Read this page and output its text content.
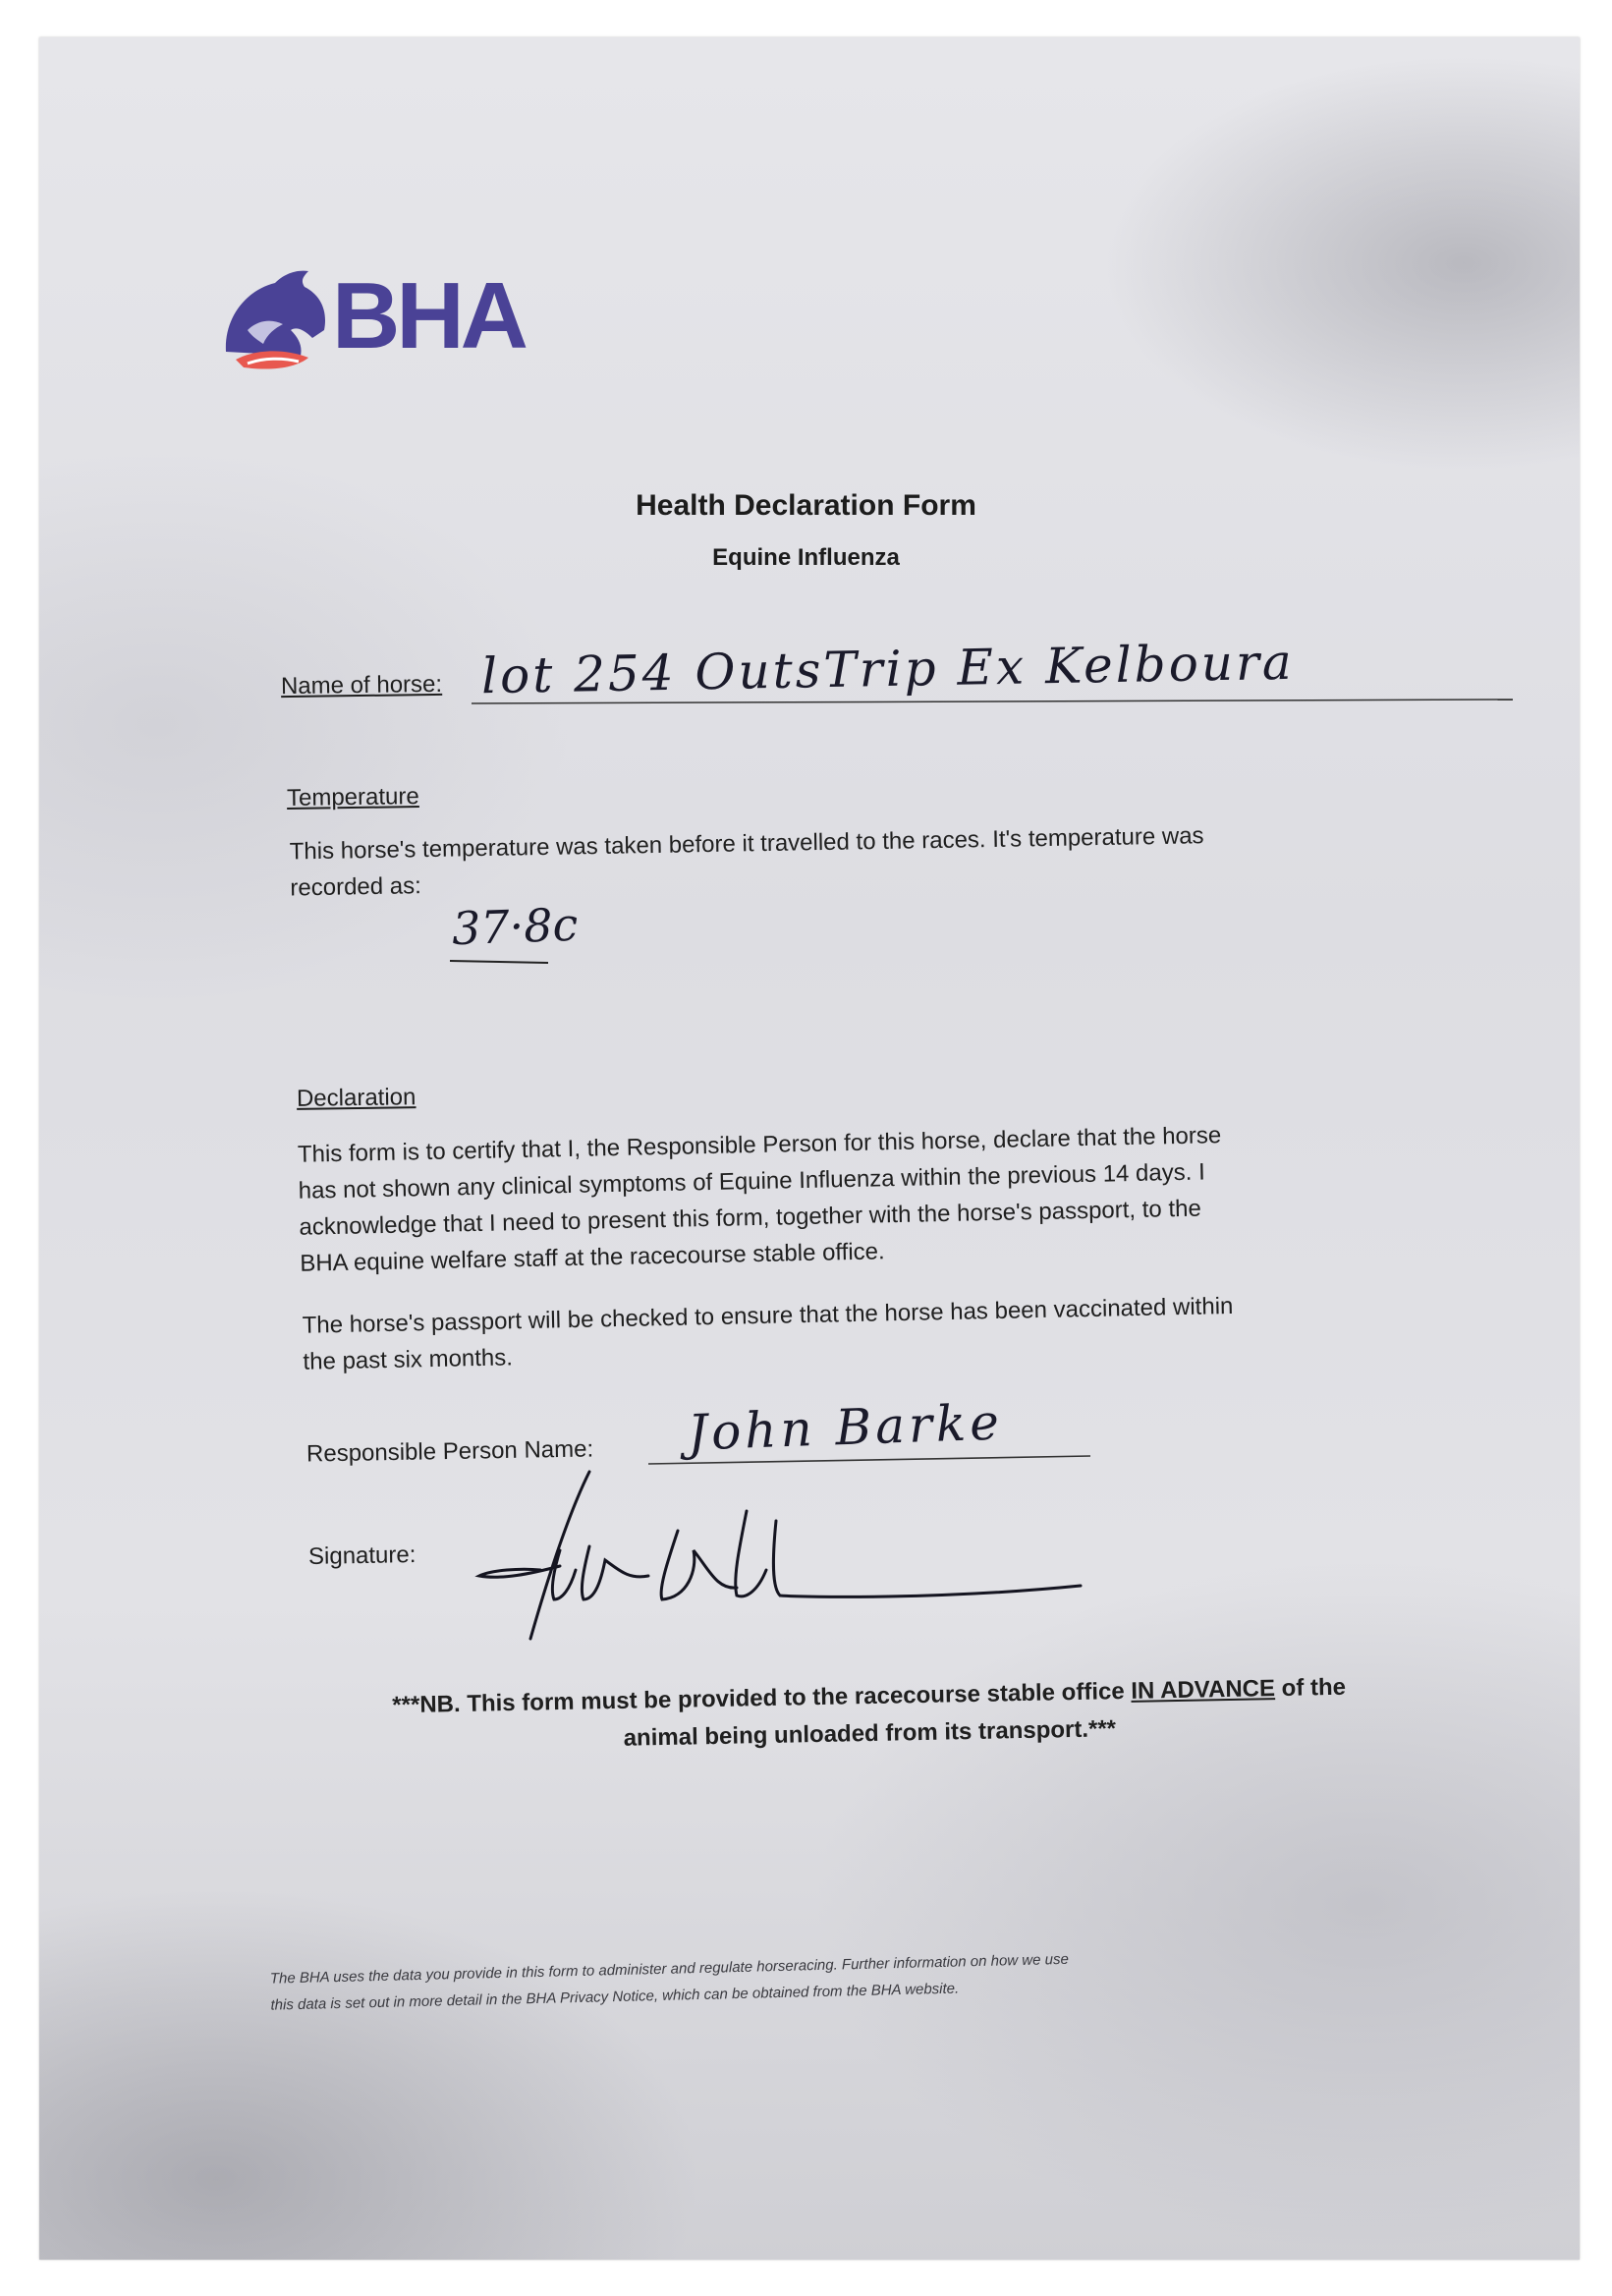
BHA
Health Declaration Form
Equine Influenza
Name of horse: lot 254 OutsTrip Ex Kelboura
Temperature
This horse's temperature was taken before it travelled to the races. It's temperature was
recorded as:
37·8c
Declaration
This form is to certify that I, the Responsible Person for this horse, declare that the horse
has not shown any clinical symptoms of Equine Influenza within the previous 14 days. I
acknowledge that I need to present this form, together with the horse's passport, to the
BHA equine welfare staff at the racecourse stable office.
The horse's passport will be checked to ensure that the horse has been vaccinated within
the past six months.
Responsible Person Name: John Barke
Signature:
***NB. This form must be provided to the racecourse stable office IN ADVANCE of the
animal being unloaded from its transport.***
The BHA uses the data you provide in this form to administer and regulate horseracing. Further information on how we use
this data is set out in more detail in the BHA Privacy Notice, which can be obtained from the BHA website.
